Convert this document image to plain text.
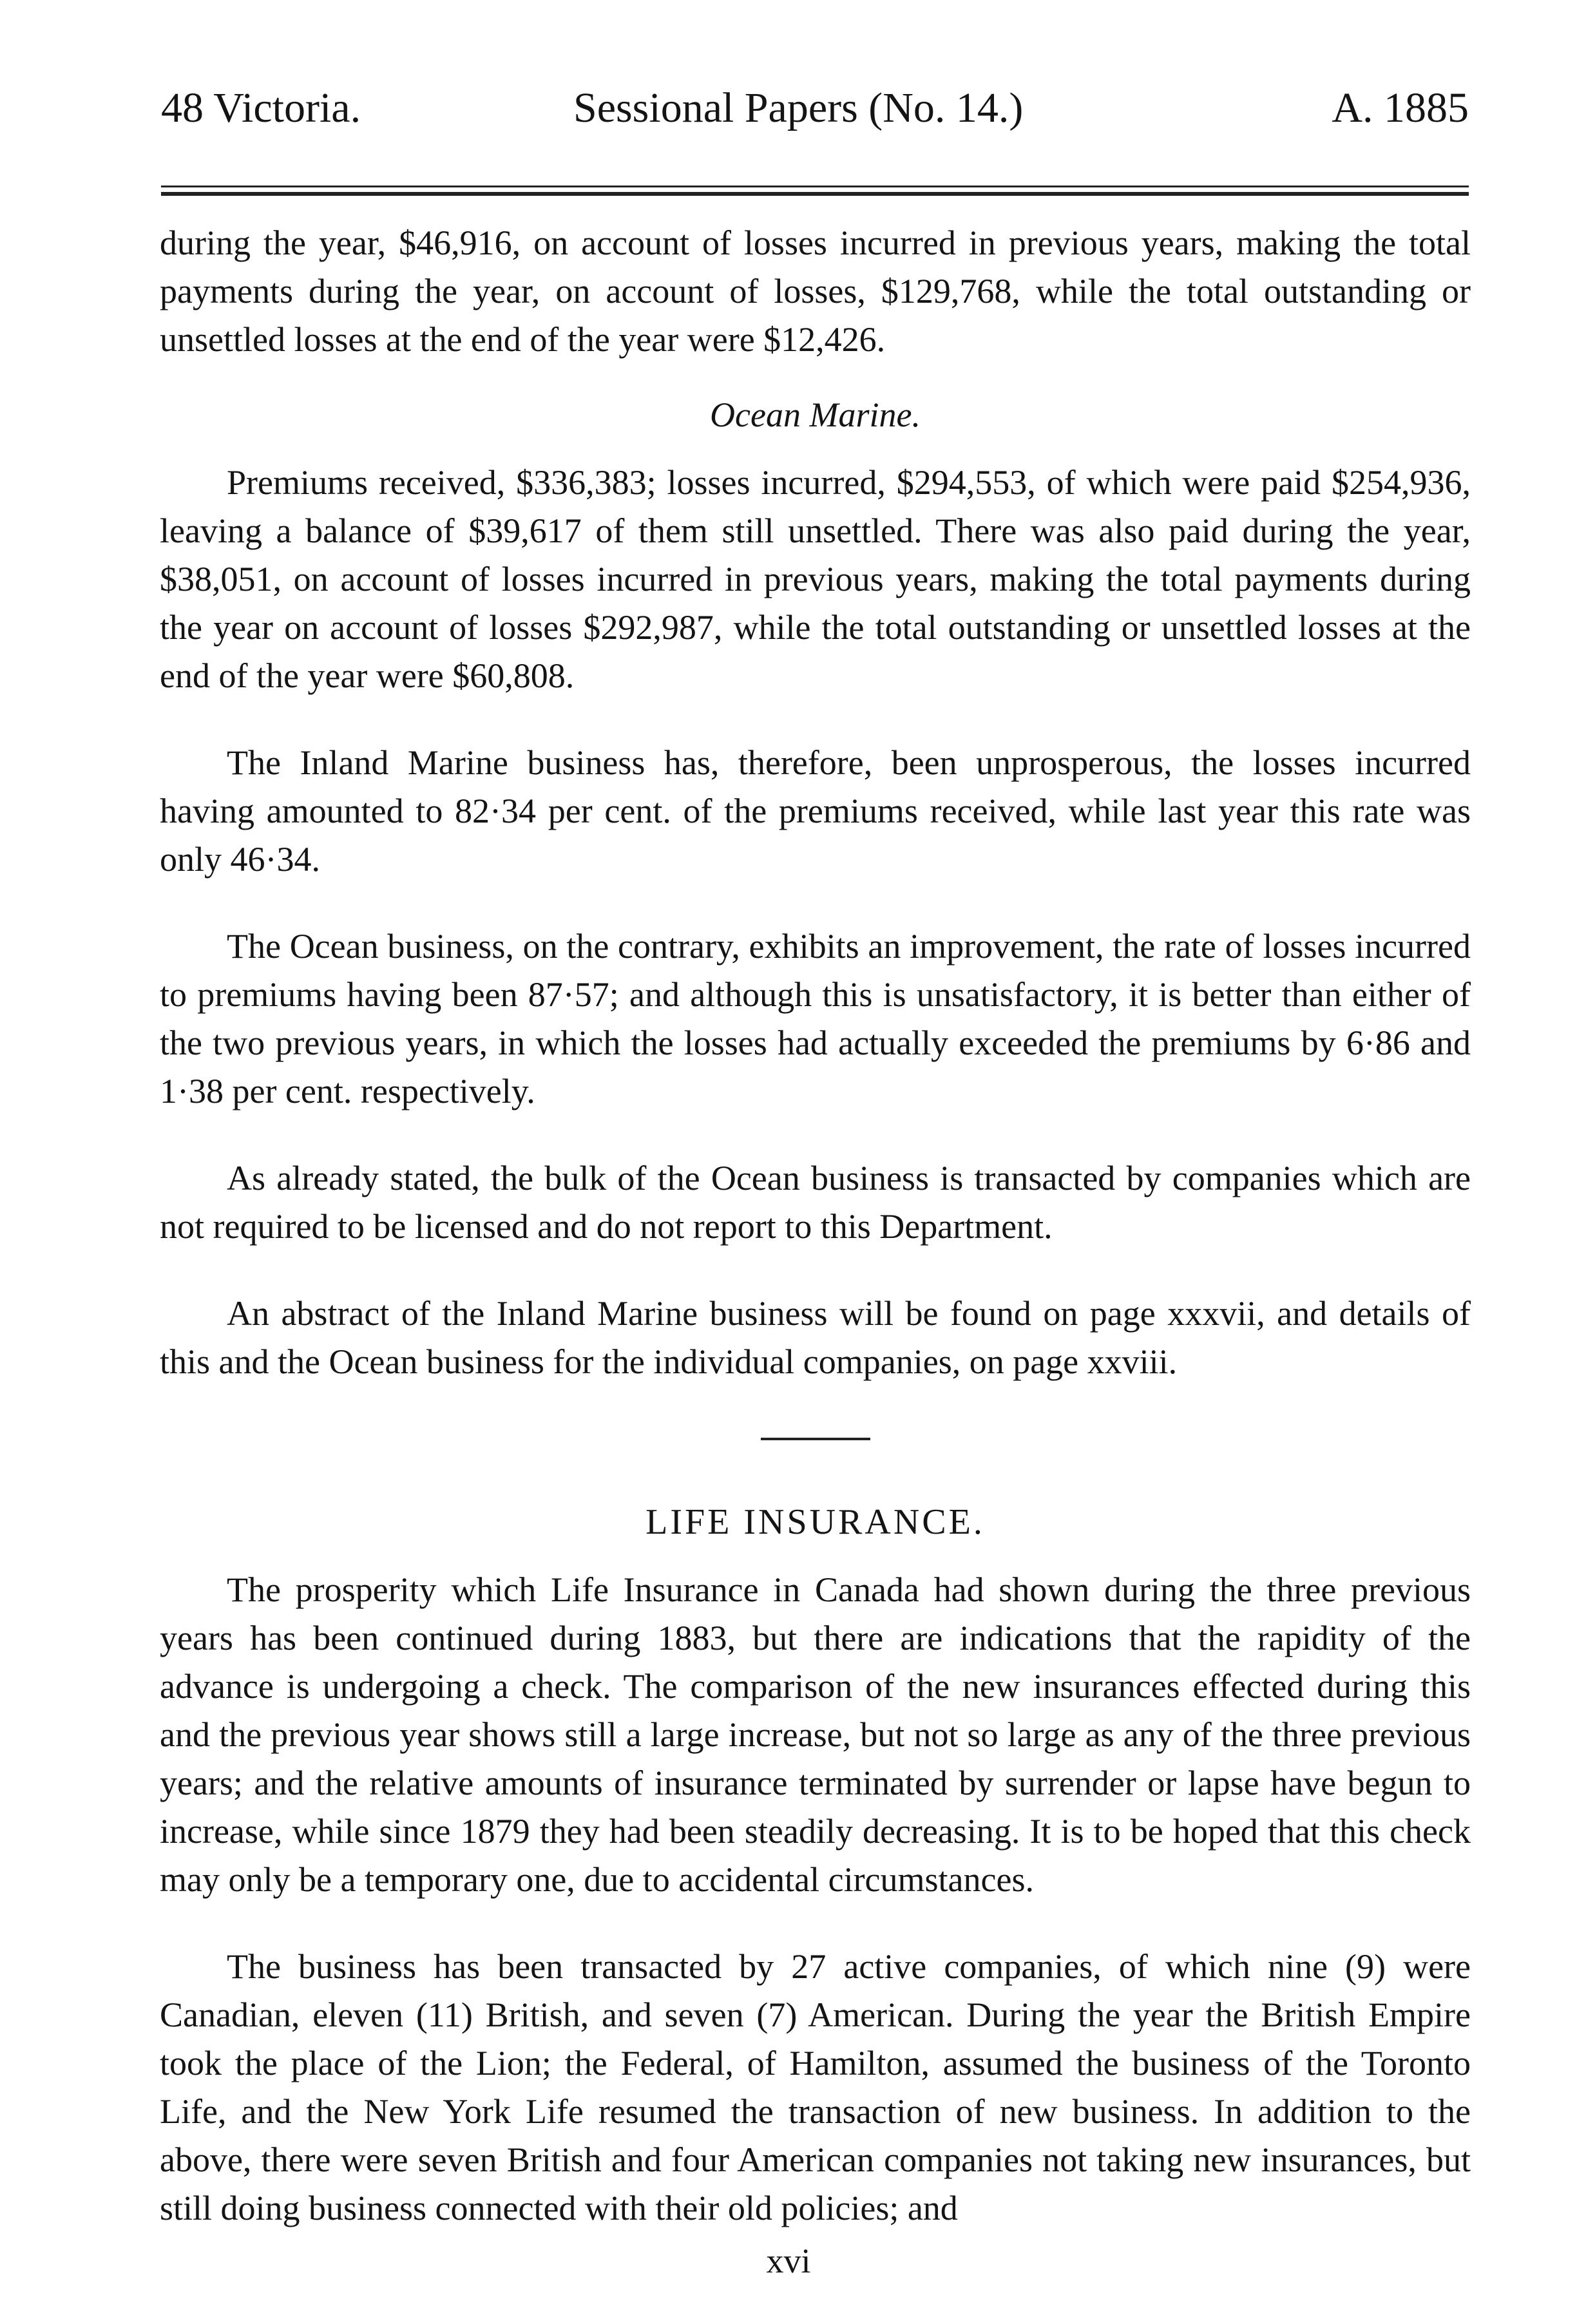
48 Victoria.	Sessional Papers (No. 14.)	A. 1885

during the year, $46,916, on account of losses incurred in previous years, making the total payments during the year, on account of losses, $129,768, while the total outstanding or unsettled losses at the end of the year were $12,426.

Ocean Marine.

Premiums received, $336,383; losses incurred, $294,553, of which were paid $254,936, leaving a balance of $39,617 of them still unsettled. There was also paid during the year, $38,051, on account of losses incurred in previous years, making the total payments during the year on account of losses $292,987, while the total outstanding or unsettled losses at the end of the year were $60,808.

The Inland Marine business has, therefore, been unprosperous, the losses incurred having amounted to 82·34 per cent. of the premiums received, while last year this rate was only 46·34.

The Ocean business, on the contrary, exhibits an improvement, the rate of losses incurred to premiums having been 87·57; and although this is unsatisfactory, it is better than either of the two previous years, in which the losses had actually exceeded the premiums by 6·86 and 1·38 per cent. respectively.

As already stated, the bulk of the Ocean business is transacted by companies which are not required to be licensed and do not report to this Department.

An abstract of the Inland Marine business will be found on page xxxvii, and details of this and the Ocean business for the individual companies, on page xxviii.

LIFE INSURANCE.

The prosperity which Life Insurance in Canada had shown during the three previous years has been continued during 1883, but there are indications that the rapidity of the advance is undergoing a check. The comparison of the new insurances effected during this and the previous year shows still a large increase, but not so large as any of the three previous years; and the relative amounts of insurance terminated by surrender or lapse have begun to increase, while since 1879 they had been steadily decreasing. It is to be hoped that this check may only be a temporary one, due to accidental circumstances.

The business has been transacted by 27 active companies, of which nine (9) were Canadian, eleven (11) British, and seven (7) American. During the year the British Empire took the place of the Lion; the Federal, of Hamilton, assumed the business of the Toronto Life, and the New York Life resumed the transaction of new business. In addition to the above, there were seven British and four American companies not taking new insurances, but still doing business connected with their old policies; and

xvi
